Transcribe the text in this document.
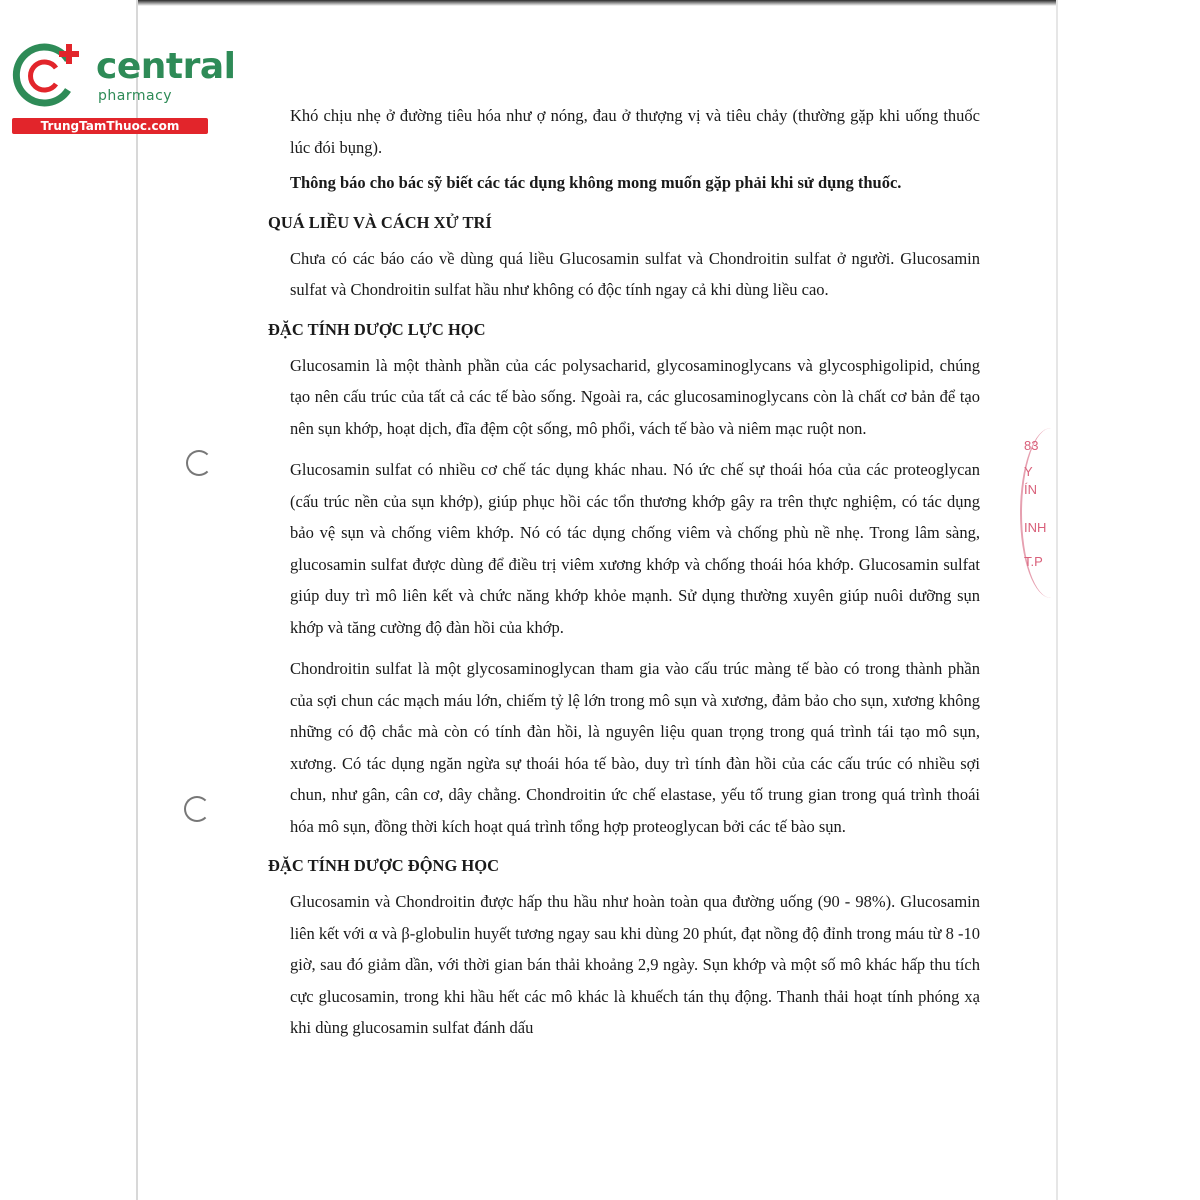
central
pharmacy
TrungTamThuoc.com
83
Y
ÍN
INH
T.P

Khó chịu nhẹ ở đường tiêu hóa như ợ nóng, đau ở thượng vị và tiêu chảy (thường gặp khi uống thuốc lúc đói bụng).

Thông báo cho bác sỹ biết các tác dụng không mong muốn gặp phải khi sử dụng thuốc.

QUÁ LIỀU VÀ CÁCH XỬ TRÍ

Chưa có các báo cáo về dùng quá liều Glucosamin sulfat và Chondroitin sulfat ở người. Glucosamin sulfat và Chondroitin sulfat hầu như không có độc tính ngay cả khi dùng liều cao.

ĐẶC TÍNH DƯỢC LỰC HỌC

Glucosamin là một thành phần của các polysacharid, glycosaminoglycans và glycosphigolipid, chúng tạo nên cấu trúc của tất cả các tế bào sống. Ngoài ra, các glucosaminoglycans còn là chất cơ bản để tạo nên sụn khớp, hoạt dịch, đĩa đệm cột sống, mô phổi, vách tế bào và niêm mạc ruột non.

Glucosamin sulfat có nhiều cơ chế tác dụng khác nhau. Nó ức chế sự thoái hóa của các proteoglycan (cấu trúc nền của sụn khớp), giúp phục hồi các tổn thương khớp gây ra trên thực nghiệm, có tác dụng bảo vệ sụn và chống viêm khớp. Nó có tác dụng chống viêm và chống phù nề nhẹ. Trong lâm sàng, glucosamin sulfat được dùng để điều trị viêm xương khớp và chống thoái hóa khớp. Glucosamin sulfat giúp duy trì mô liên kết và chức năng khớp khỏe mạnh. Sử dụng thường xuyên giúp nuôi dưỡng sụn khớp và tăng cường độ đàn hồi của khớp.

Chondroitin sulfat là một glycosaminoglycan tham gia vào cấu trúc màng tế bào có trong thành phần của sợi chun các mạch máu lớn, chiếm tỷ lệ lớn trong mô sụn và xương, đảm bảo cho sụn, xương không những có độ chắc mà còn có tính đàn hồi, là nguyên liệu quan trọng trong quá trình tái tạo mô sụn, xương. Có tác dụng ngăn ngừa sự thoái hóa tế bào, duy trì tính đàn hồi của các cấu trúc có nhiều sợi chun, như gân, cân cơ, dây chằng. Chondroitin ức chế elastase, yếu tố trung gian trong quá trình thoái hóa mô sụn, đồng thời kích hoạt quá trình tổng hợp proteoglycan bởi các tế bào sụn.

ĐẶC TÍNH DƯỢC ĐỘNG HỌC

Glucosamin và Chondroitin được hấp thu hầu như hoàn toàn qua đường uống (90 - 98%). Glucosamin liên kết với α và β-globulin huyết tương ngay sau khi dùng 20 phút, đạt nồng độ đỉnh trong máu từ 8 -10 giờ, sau đó giảm dần, với thời gian bán thải khoảng 2,9 ngày. Sụn khớp và một số mô khác hấp thu tích cực glucosamin, trong khi hầu hết các mô khác là khuếch tán thụ động. Thanh thải hoạt tính phóng xạ khi dùng glucosamin sulfat đánh dấu
